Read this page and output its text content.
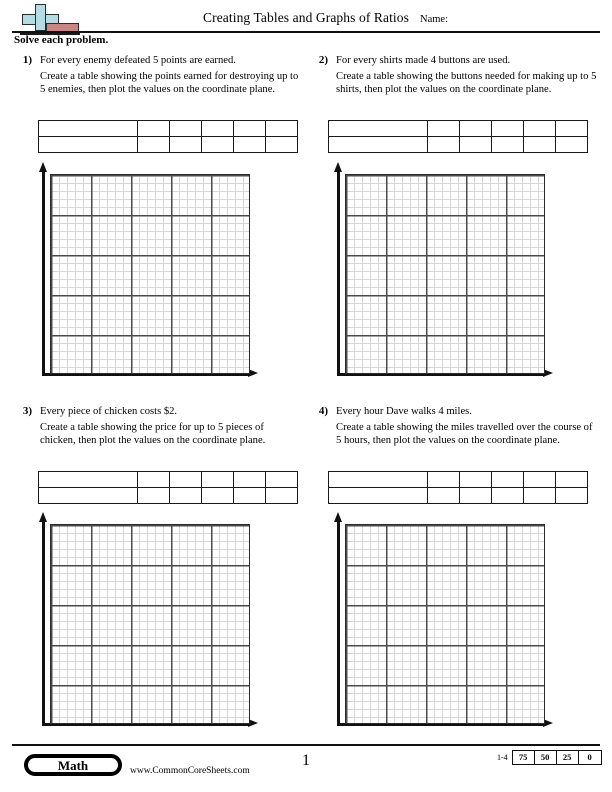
Creating Tables and Graphs of Ratios	Name:
Solve each problem.
1) For every enemy defeated 5 points are earned.
Create a table showing the points earned for destroying up to 5 enemies, then plot the values on the coordinate plane.

2) For every shirts made 4 buttons are used.
Create a table showing the buttons needed for making up to 5 shirts, then plot the values on the coordinate plane.

3) Every piece of chicken costs $2.
Create a table showing the price for up to 5 pieces of chicken, then plot the values on the coordinate plane.

4) Every hour Dave walks 4 miles.
Create a table showing the miles travelled over the course of 5 hours, then plot the values on the coordinate plane.

Math	www.CommonCoreSheets.com
1	1-4	75	50	25	0
